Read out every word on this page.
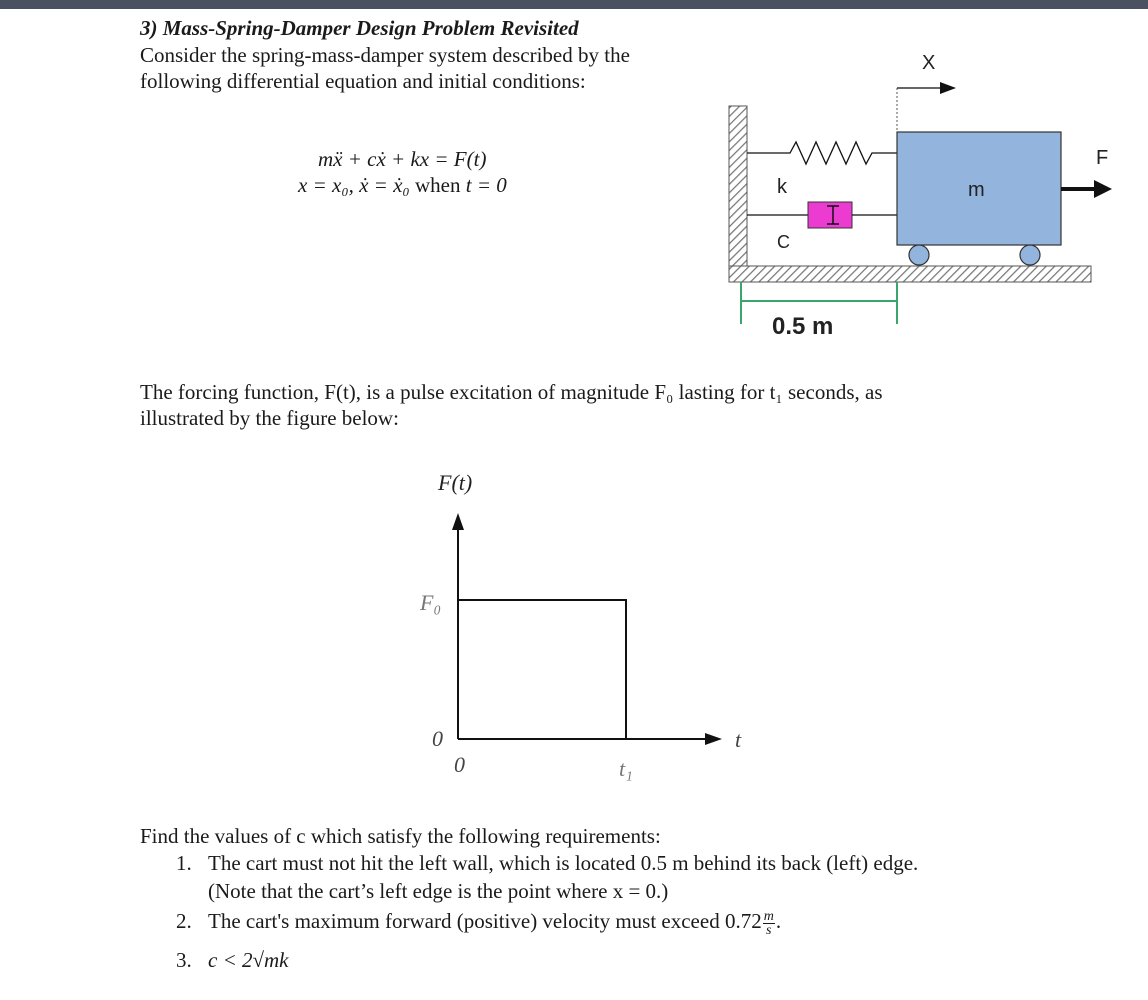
3) Mass-Spring-Damper Design Problem Revisited
Consider the spring-mass-damper system described by the
following differential equation and initial conditions:
mẍ + cẋ + kx = F(t)
x = x₀, ẋ = ẋ₀ when t = 0
X
k
C
m
F
0.5 m
The forcing function, F(t), is a pulse excitation of magnitude F₀ lasting for t₁ seconds, as
illustrated by the figure below:
F(t)
F₀
0
0	t₁
t
Find the values of c which satisfy the following requirements:
1. The cart must not hit the left wall, which is located 0.5 m behind its back (left) edge.
(Note that the cart’s left edge is the point where x = 0.)
2. The cart's maximum forward (positive) velocity must exceed $0.72 \frac{m}{s}$ .
3. c < 2√mk
